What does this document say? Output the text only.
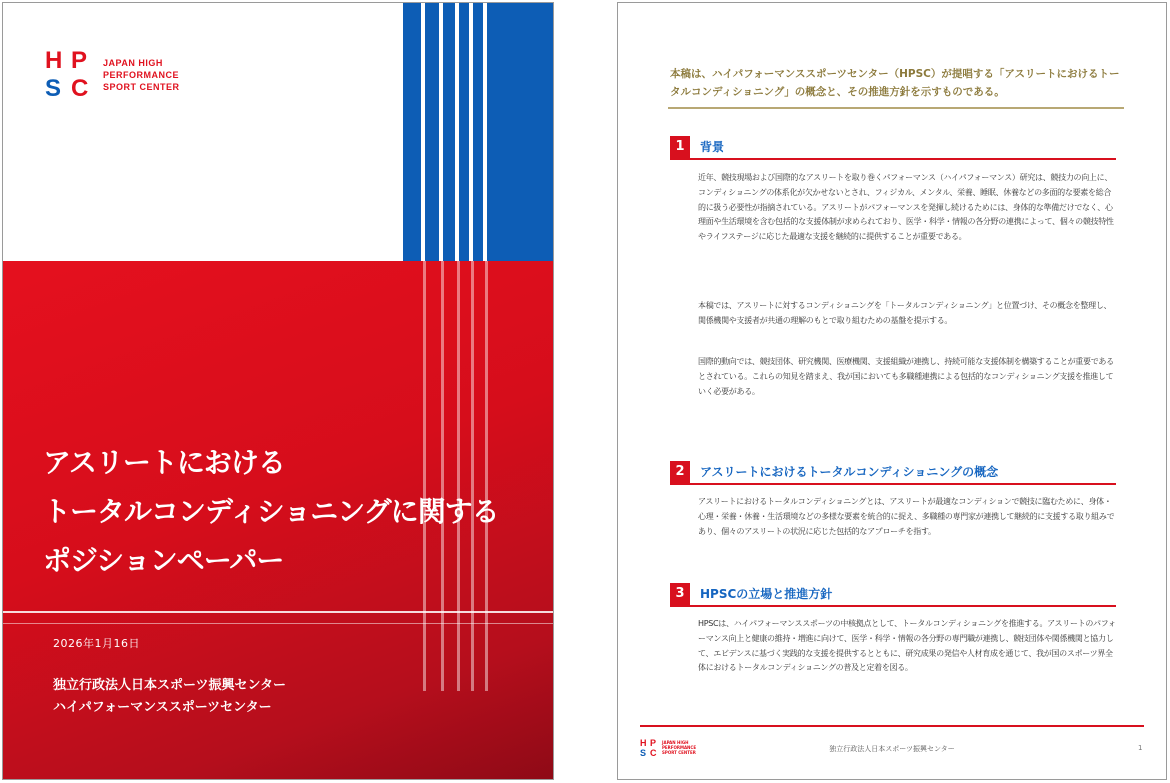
H P
S C
JAPAN HIGH
PERFORMANCE
SPORT CENTER
アスリートにおける
トータルコンディショニングに関する
ポジションペーパー
2026年1月16日
独立行政法人日本スポーツ振興センター
ハイパフォーマンススポーツセンター
本稿は、ハイパフォーマンススポーツセンター（HPSC）が提唱する「アスリートにおけるトータルコンディショニング」の概念と、その推進方針を示すものである。
1	背景
近年、競技現場および国際的なアスリートを取り巻くパフォーマンス（ハイパフォーマンス）研究は、競技力の向上に、コンディショニングの体系化が欠かせないとされ、フィジカル、メンタル、栄養、睡眠、休養などの多面的な要素を総合的に扱う必要性が指摘されている。アスリートがパフォーマンスを発揮し続けるためには、身体的な準備だけでなく、心理面や生活環境を含む包括的な支援体制が求められており、医学・科学・情報の各分野の連携によって、個々の競技特性やライフステージに応じた最適な支援を継続的に提供することが重要である。
本稿では、アスリートに対するコンディショニングを「トータルコンディショニング」と位置づけ、その概念を整理し、関係機関や支援者が共通の理解のもとで取り組むための基盤を提示する。
国際的動向では、競技団体、研究機関、医療機関、支援組織が連携し、持続可能な支援体制を構築することが重要であるとされている。これらの知見を踏まえ、我が国においても多職種連携による包括的なコンディショニング支援を推進していく必要がある。
2	アスリートにおけるトータルコンディショニングの概念
アスリートにおけるトータルコンディショニングとは、アスリートが最適なコンディションで競技に臨むために、身体・心理・栄養・休養・生活環境などの多様な要素を統合的に捉え、多職種の専門家が連携して継続的に支援する取り組みであり、個々のアスリートの状況に応じた包括的なアプローチを指す。
3	HPSCの立場と推進方針
HPSCは、ハイパフォーマンススポーツの中核拠点として、トータルコンディショニングを推進する。アスリートのパフォーマンス向上と健康の維持・増進に向けて、医学・科学・情報の各分野の専門職が連携し、競技団体や関係機関と協力して、エビデンスに基づく実践的な支援を提供するとともに、研究成果の発信や人材育成を通じて、我が国のスポーツ界全体におけるトータルコンディショニングの普及と定着を図る。
H P
S C
JAPAN HIGH
PERFORMANCE
SPORT CENTER	独立行政法人日本スポーツ振興センター	1
